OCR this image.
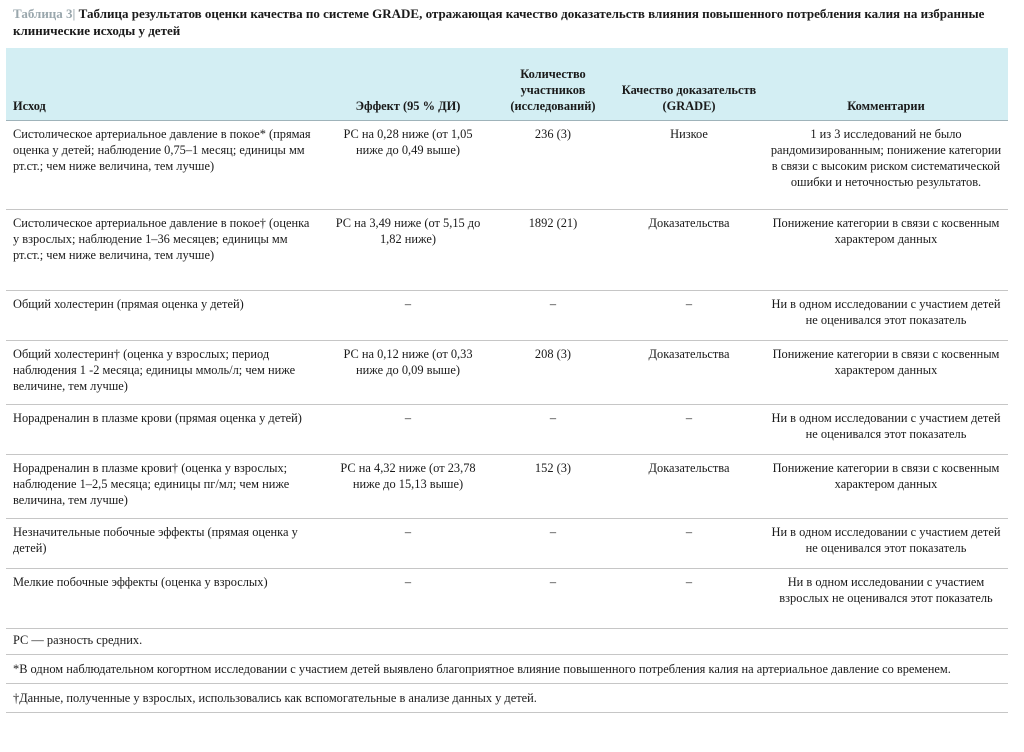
Таблица 3| Таблица результатов оценки качества по системе GRADE, отражающая качество доказательств влияния повышенного потребления калия на избранные клинические исходы у детей
Исход	Эффект (95 % ДИ)	Количество участников (исследований)	Качество доказательств (GRADE)	Комментарии
Систолическое артериальное давление в покое* (прямая оценка у детей; наблюдение 0,75–1 месяц; единицы мм рт.ст.; чем ниже величина, тем лучше)	РС на 0,28 ниже (от 1,05 ниже до 0,49 выше)	236 (3)	Низкое	1 из 3 исследований не было рандомизированным; понижение категории в связи с высоким риском систематической ошибки и неточностью результатов.
Систолическое артериальное давление в покое† (оценка у взрослых; наблюдение 1–36 месяцев; единицы мм рт.ст.; чем ниже величина, тем лучше)	РС на 3,49 ниже (от 5,15 до 1,82 ниже)	1892 (21)	Доказательства	Понижение категории в связи с косвенным характером данных
Общий холестерин (прямая оценка у детей)	–	–	–	Ни в одном исследовании с участием детей не оценивался этот показатель
Общий холестерин† (оценка у взрослых; период наблюдения 1 -2 месяца; единицы ммоль/л; чем ниже величине, тем лучше)	РС на 0,12 ниже (от 0,33 ниже до 0,09 выше)	208 (3)	Доказательства	Понижение категории в связи с косвенным характером данных
Норадреналин в плазме крови (прямая оценка у детей)	–	–	–	Ни в одном исследовании с участием детей не оценивался этот показатель
Норадреналин в плазме крови† (оценка у взрослых; наблюдение 1–2,5 месяца; единицы пг/мл; чем ниже величина, тем лучше)	РС на 4,32 ниже (от 23,78 ниже до 15,13 выше)	152 (3)	Доказательства	Понижение категории в связи с косвенным характером данных
Незначительные побочные эффекты (прямая оценка у детей)	–	–	–	Ни в одном исследовании с участием детей не оценивался этот показатель
Мелкие побочные эффекты (оценка у взрослых)	–	–	–	Ни в одном исследовании с участием взрослых не оценивался этот показатель
РС — разность средних.
*В одном наблюдательном когортном исследовании с участием детей выявлено благоприятное влияние повышенного потребления калия на артериальное давление со временем.
†Данные, полученные у взрослых, использовались как вспомогательные в анализе данных у детей.
